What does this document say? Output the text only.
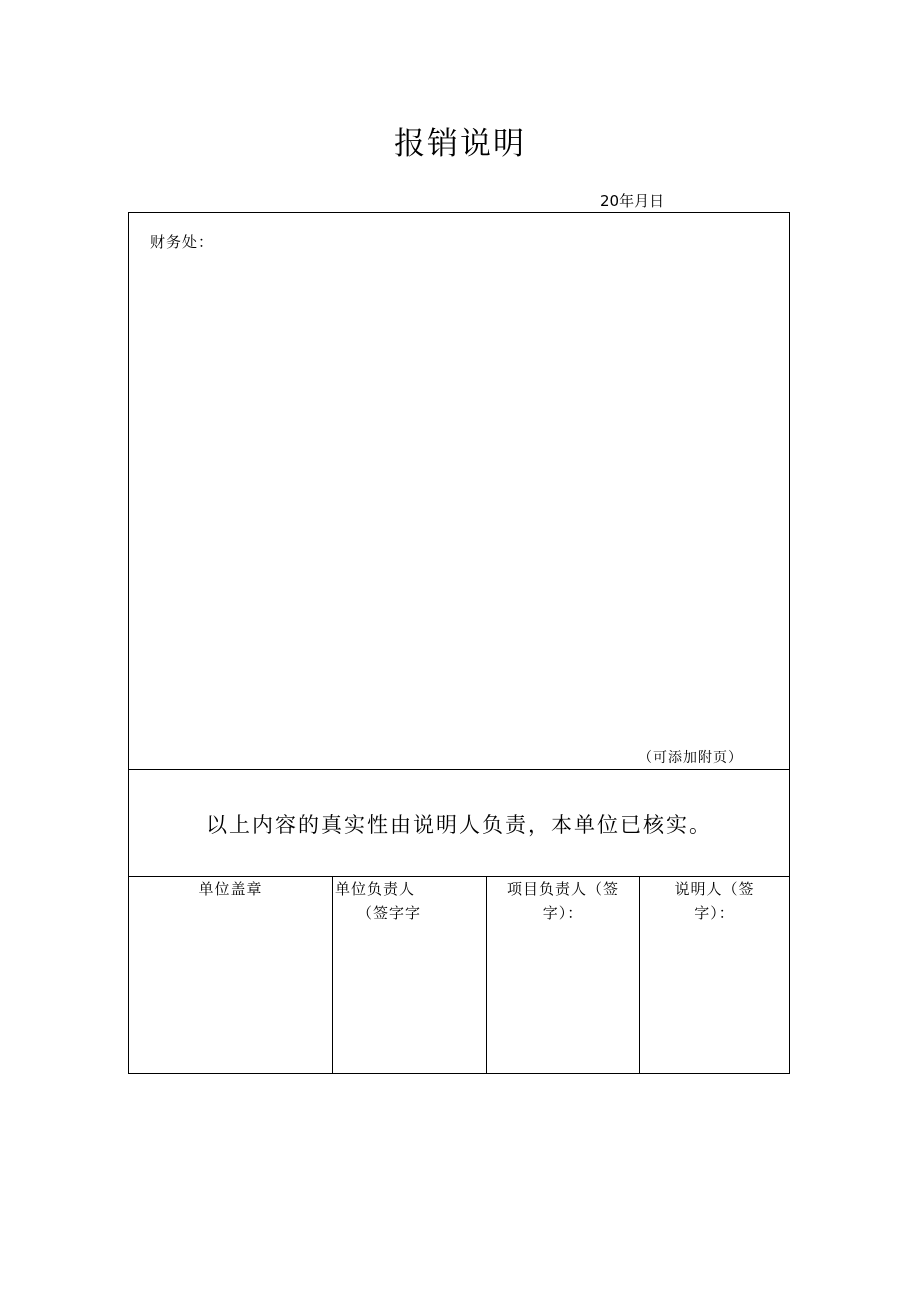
报销说明
20年月日
财务处：
（可添加附页）
以上内容的真实性由说明人负责，本单位已核实。
单位盖章	单位负责人
（签字字
项目负责人（签字）：
说明人（签字）：
